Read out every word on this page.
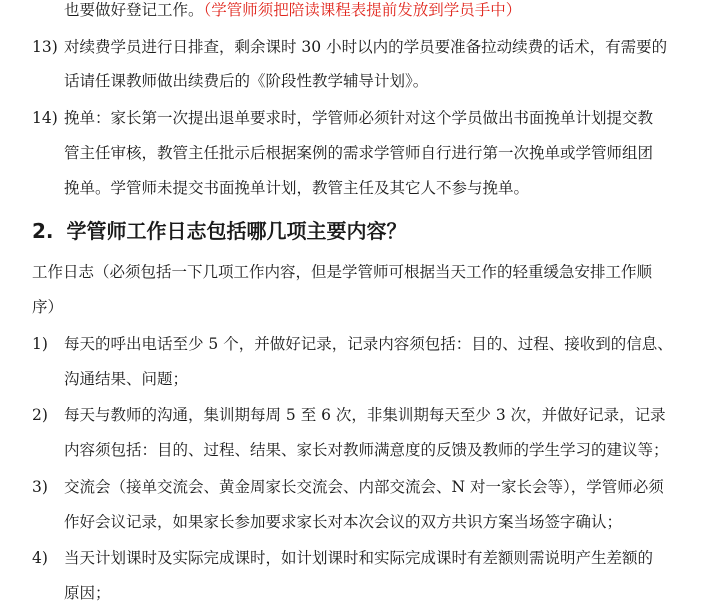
也要做好登记工作。（学管师须把陪读课程表提前发放到学员手中）
13) 对续费学员进行日排查，剩余课时 30 小时以内的学员要准备拉动续费的话术，有需要的
话请任课教师做出续费后的《阶段性教学辅导计划》。
14) 挽单：家长第一次提出退单要求时，学管师必须针对这个学员做出书面挽单计划提交教
管主任审核，教管主任批示后根据案例的需求学管师自行进行第一次挽单或学管师组团
挽单。学管师未提交书面挽单计划，教管主任及其它人不参与挽单。
2. 学管师工作日志包括哪几项主要内容？
工作日志（必须包括一下几项工作内容，但是学管师可根据当天工作的轻重缓急安排工作顺
序）
1) 每天的呼出电话至少 5 个，并做好记录，记录内容须包括：目的、过程、接收到的信息、
沟通结果、问题；
2) 每天与教师的沟通，集训期每周 5 至 6 次，非集训期每天至少 3 次，并做好记录，记录
内容须包括：目的、过程、结果、家长对教师满意度的反馈及教师的学生学习的建议等；
3) 交流会（接单交流会、黄金周家长交流会、内部交流会、N 对一家长会等），学管师必须
作好会议记录，如果家长参加要求家长对本次会议的双方共识方案当场签字确认；
4) 当天计划课时及实际完成课时，如计划课时和实际完成课时有差额则需说明产生差额的
原因；
